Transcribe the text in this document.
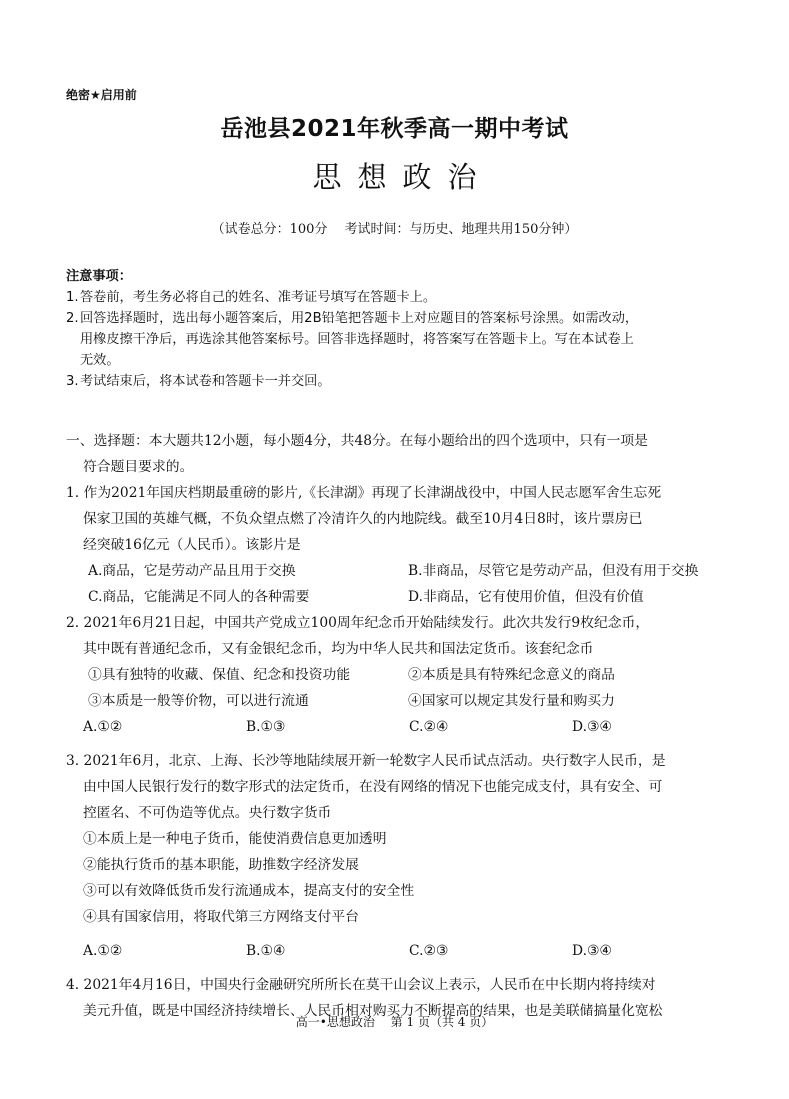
绝密★启用前
岳池县2021年秋季高一期中考试
思想政治
（试卷总分：100分　 考试时间：与历史、地理共用150分钟）
注意事项：
1. 答卷前，考生务必将自己的姓名、准考证号填写在答题卡上。
2. 回答选择题时，选出每小题答案后，用2B铅笔把答题卡上对应题目的答案标号涂黑。如需改动，
用橡皮擦干净后，再选涂其他答案标号。回答非选择题时，将答案写在答题卡上。写在本试卷上
无效。
3. 考试结束后，将本试卷和答题卡一并交回。
一、选择题：本大题共12小题，每小题4分，共48分。在每小题给出的四个选项中，只有一项是
符合题目要求的。
1. 作为2021年国庆档期最重磅的影片,《长津湖》再现了长津湖战役中，中国人民志愿军舍生忘死
保家卫国的英雄气概，不负众望点燃了冷清许久的内地院线。截至10月4日8时，该片票房已
经突破16亿元（人民币）。该影片是
A.商品，它是劳动产品且用于交换	B.非商品，尽管它是劳动产品，但没有用于交换
C.商品，它能满足不同人的各种需要	D.非商品，它有使用价值，但没有价值
2. 2021年6月21日起，中国共产党成立100周年纪念币开始陆续发行。此次共发行9枚纪念币，
其中既有普通纪念币，又有金银纪念币，均为中华人民共和国法定货币。该套纪念币
①具有独特的收藏、保值、纪念和投资功能	②本质是具有特殊纪念意义的商品
③本质是一般等价物，可以进行流通	④国家可以规定其发行量和购买力
A.①②	B.①③	C.②④	D.③④
3. 2021年6月，北京、上海、长沙等地陆续展开新一轮数字人民币试点活动。央行数字人民币，是
由中国人民银行发行的数字形式的法定货币，在没有网络的情况下也能完成支付，具有安全、可
控匿名、不可伪造等优点。央行数字货币
①本质上是一种电子货币，能使消费信息更加透明
②能执行货币的基本职能，助推数字经济发展
③可以有效降低货币发行流通成本，提高支付的安全性
④具有国家信用，将取代第三方网络支付平台
A.①②	B.①④	C.②③	D.③④
4. 2021年4月16日，中国央行金融研究所所长在莫干山会议上表示，人民币在中长期内将持续对
美元升值，既是中国经济持续增长、人民币相对购买力不断提高的结果，也是美联储搞量化宽松
高一•思想政治　 第 1 页（共 4 页）
